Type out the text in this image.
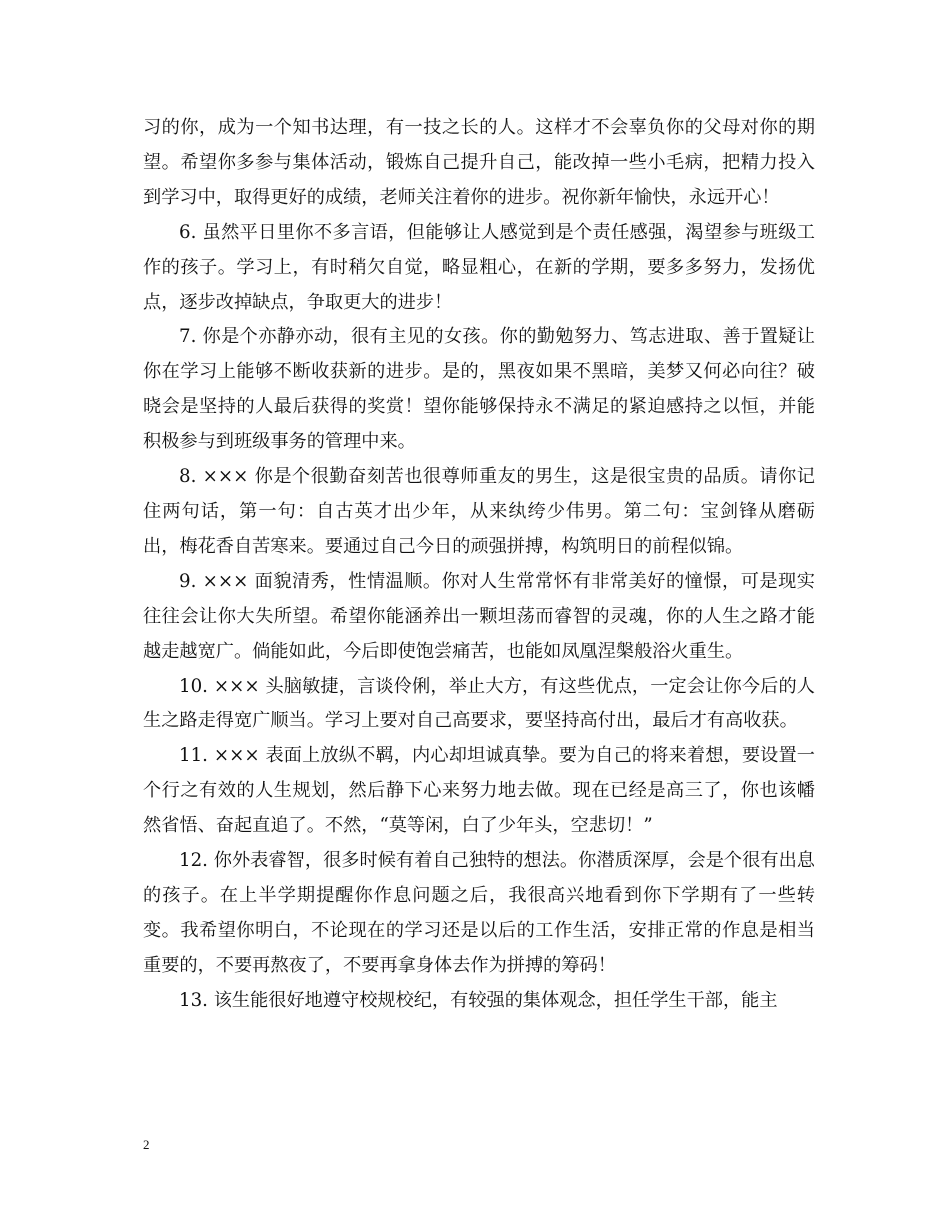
习的你，成为一个知书达理，有一技之长的人。这样才不会辜负你的父母对你的期望。希望你多参与集体活动，锻炼自己提升自己，能改掉一些小毛病，把精力投入到学习中，取得更好的成绩，老师关注着你的进步。祝你新年愉快，永远开心！

6. 虽然平日里你不多言语，但能够让人感觉到是个责任感强，渴望参与班级工作的孩子。学习上，有时稍欠自觉，略显粗心，在新的学期，要多多努力，发扬优点，逐步改掉缺点，争取更大的进步！

7. 你是个亦静亦动，很有主见的女孩。你的勤勉努力、笃志进取、善于置疑让你在学习上能够不断收获新的进步。是的，黑夜如果不黑暗，美梦又何必向往？破晓会是坚持的人最后获得的奖赏！望你能够保持永不满足的紧迫感持之以恒，并能积极参与到班级事务的管理中来。

8. ××× 你是个很勤奋刻苦也很尊师重友的男生，这是很宝贵的品质。请你记住两句话，第一句：自古英才出少年，从来纨绔少伟男。第二句：宝剑锋从磨砺出，梅花香自苦寒来。要通过自己今日的顽强拼搏，构筑明日的前程似锦。

9. ××× 面貌清秀，性情温顺。你对人生常常怀有非常美好的憧憬，可是现实往往会让你大失所望。希望你能涵养出一颗坦荡而睿智的灵魂，你的人生之路才能越走越宽广。倘能如此，今后即使饱尝痛苦，也能如凤凰涅槃般浴火重生。

10. ××× 头脑敏捷，言谈伶俐，举止大方，有这些优点，一定会让你今后的人生之路走得宽广顺当。学习上要对自己高要求，要坚持高付出，最后才有高收获。

11. ××× 表面上放纵不羁，内心却坦诚真挚。要为自己的将来着想，要设置一个行之有效的人生规划，然后静下心来努力地去做。现在已经是高三了，你也该幡然省悟、奋起直追了。不然，“莫等闲，白了少年头，空悲切！”

12. 你外表睿智，很多时候有着自己独特的想法。你潜质深厚，会是个很有出息的孩子。在上半学期提醒你作息问题之后，我很高兴地看到你下学期有了一些转变。我希望你明白，不论现在的学习还是以后的工作生活，安排正常的作息是相当重要的，不要再熬夜了，不要再拿身体去作为拼搏的筹码！

13. 该生能很好地遵守校规校纪，有较强的集体观念，担任学生干部，能主

2
